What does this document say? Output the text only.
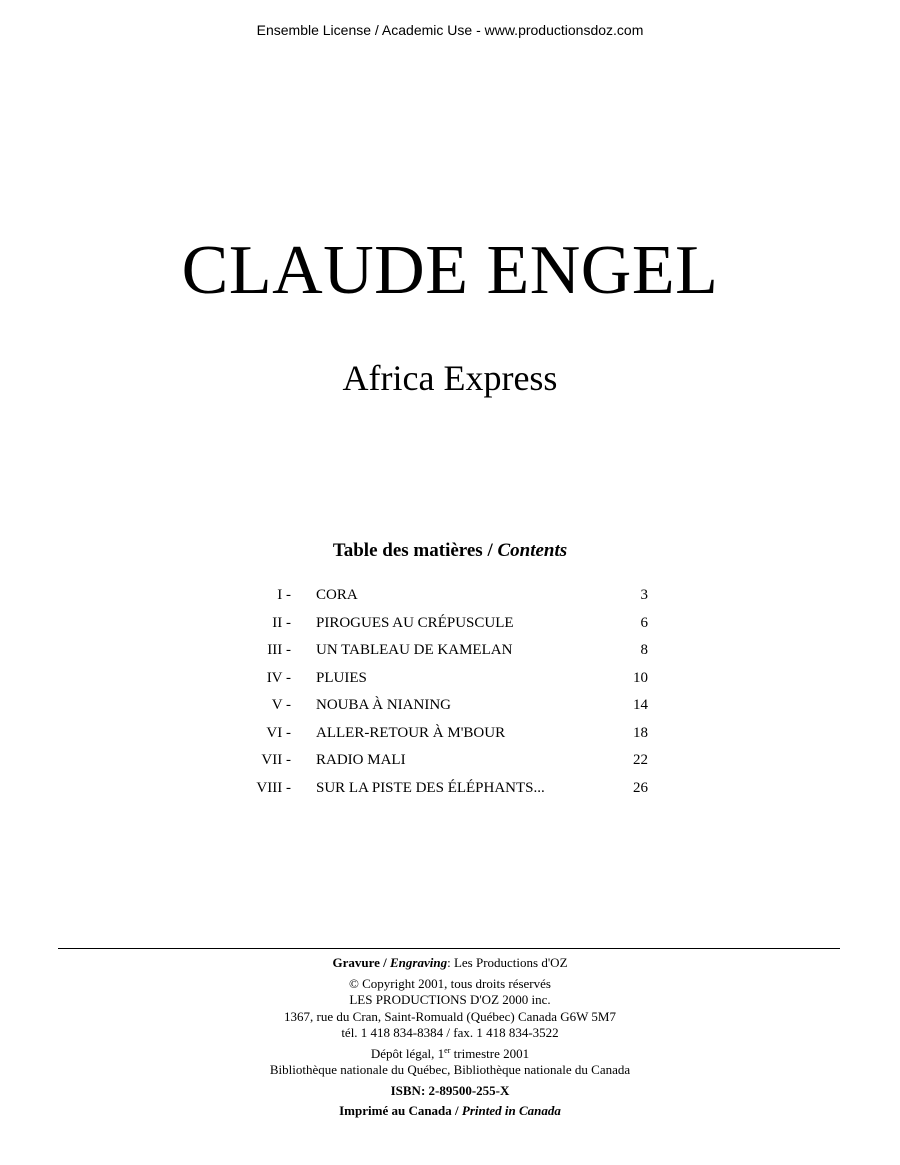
Ensemble License / Academic Use - www.productionsdoz.com
CLAUDE ENGEL
Africa Express
Table des matières / Contents
I - CORA	3
II - PIROGUES AU CRÉPUSCULE	6
III - UN TABLEAU DE KAMELAN	8
IV - PLUIES	10
V - NOUBA À NIANING	14
VI - ALLER-RETOUR À M'BOUR	18
VII - RADIO MALI	22
VIII - SUR LA PISTE DES ÉLÉPHANTS...	26
Gravure / Engraving: Les Productions d'OZ
© Copyright 2001, tous droits réservés
LES PRODUCTIONS D'OZ 2000 inc.
1367, rue du Cran, Saint-Romuald (Québec) Canada G6W 5M7
tél. 1 418 834-8384 / fax. 1 418 834-3522
Dépôt légal, 1er trimestre 2001
Bibliothèque nationale du Québec, Bibliothèque nationale du Canada
ISBN: 2-89500-255-X
Imprimé au Canada / Printed in Canada
